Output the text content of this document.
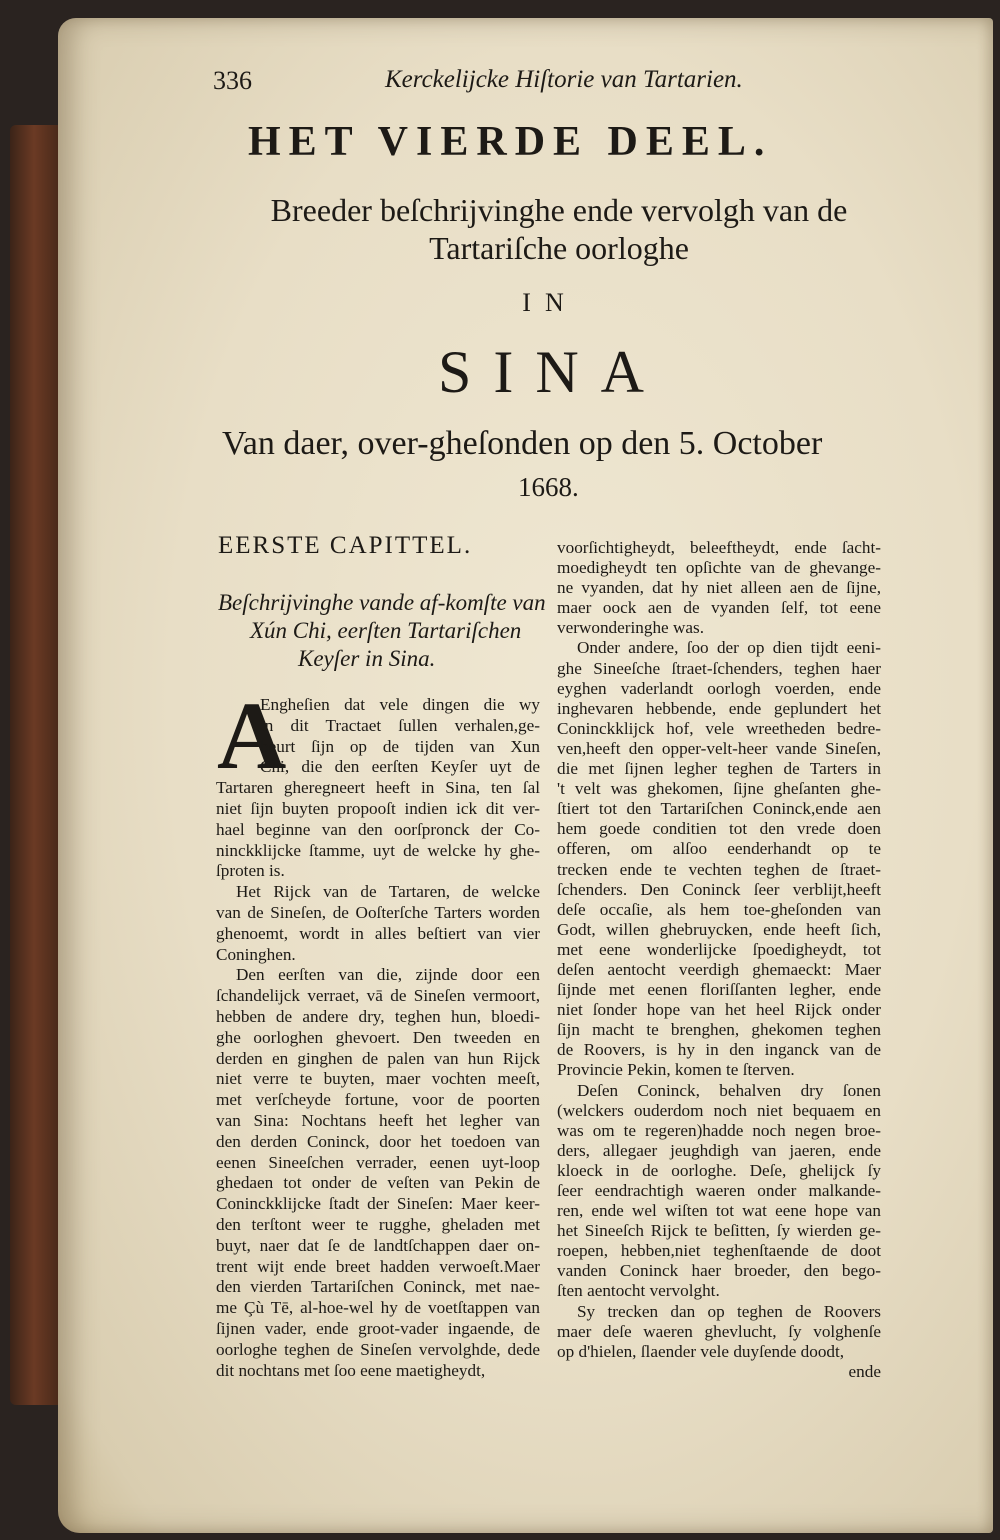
336	Kerckelijcke Hiſtorie van Tartarien.
HET VIERDE DEEL.
Breeder beſchrijvinghe ende vervolgh van de
Tartariſche oorloghe
IN
SINA
Van daer, over-gheſonden op den 5. October
1668.
EERSTE CAPITTEL.
Beſchrijvinghe vande af-komſte van
Xún Chi, eerſten Tartariſchen
Keyſer in Sina.
A
Engheſien dat vele dingen die wy
in dit Tractaet ſullen verhalen,ge-
beurt ſijn op de tijden van Xun
Chi, die den eerſten Keyſer uyt de
Tartaren gheregneert heeft in Sina, ten ſal
niet ſijn buyten propooſt indien ick dit ver-
hael beginne van den oorſpronck der Co-
ninckklijcke ſtamme, uyt de welcke hy ghe-
ſproten is.
Het Rijck van de Tartaren, de welcke
van de Sineſen, de Ooſterſche Tarters worden
ghenoemt, wordt in alles beſtiert van vier
Coninghen.
Den eerſten van die, zijnde door een
ſchandelijck verraet, vā de Sineſen vermoort,
hebben de andere dry, teghen hun, bloedi-
ghe oorloghen ghevoert. Den tweeden en
derden en ginghen de palen van hun Rijck
niet verre te buyten, maer vochten meeſt,
met verſcheyde fortune, voor de poorten
van Sina: Nochtans heeft het legher van
den derden Coninck, door het toedoen van
eenen Sineeſchen verrader, eenen uyt-loop
ghedaen tot onder de veſten van Pekin de
Coninckklijcke ſtadt der Sineſen: Maer keer-
den terſtont weer te rugghe, gheladen met
buyt, naer dat ſe de landtſchappen daer on-
trent wijt ende breet hadden verwoeſt.Maer
den vierden Tartariſchen Coninck, met nae-
me Çù Tē, al-hoe-wel hy de voetſtappen van
ſijnen vader, ende groot-vader ingaende, de
oorloghe teghen de Sineſen vervolghde, dede
dit nochtans met ſoo eene maetigheydt,
voorſichtigheydt, beleeftheydt, ende ſacht-
moedigheydt ten opſichte van de ghevange-
ne vyanden, dat hy niet alleen aen de ſijne,
maer oock aen de vyanden ſelf, tot eene
verwonderinghe was.
Onder andere, ſoo der op dien tijdt eeni-
ghe Sineeſche ſtraet-ſchenders, teghen haer
eyghen vaderlandt oorlogh voerden, ende
inghevaren hebbende, ende geplundert het
Coninckklijck hof, vele wreetheden bedre-
ven,heeft den opper-velt-heer vande Sineſen,
die met ſijnen legher teghen de Tarters in
't velt was ghekomen, ſijne gheſanten ghe-
ſtiert tot den Tartariſchen Coninck,ende aen
hem goede conditien tot den vrede doen
offeren, om alſoo eenderhandt op te
trecken ende te vechten teghen de ſtraet-
ſchenders. Den Coninck ſeer verblijt,heeft
deſe occaſie, als hem toe-gheſonden van
Godt, willen ghebruycken, ende heeft ſich,
met eene wonderlijcke ſpoedigheydt, tot
deſen aentocht veerdigh ghemaeckt: Maer
ſijnde met eenen floriſſanten legher, ende
niet ſonder hope van het heel Rijck onder
ſijn macht te brenghen, ghekomen teghen
de Roovers, is hy in den inganck van de
Provincie Pekin, komen te ſterven.
Deſen Coninck, behalven dry ſonen
(welckers ouderdom noch niet bequaem en
was om te regeren)hadde noch negen broe-
ders, allegaer jeughdigh van jaeren, ende
kloeck in de oorloghe. Deſe, ghelijck ſy
ſeer eendrachtigh waeren onder malkande-
ren, ende wel wiſten tot wat eene hope van
het Sineeſch Rijck te beſitten, ſy wierden ge-
roepen, hebben,niet teghenſtaende de doot
vanden Coninck haer broeder, den bego-
ſten aentocht vervolght.
Sy trecken dan op teghen de Roovers
maer deſe waeren ghevlucht, ſy volghenſe
op d'hielen, ſlaender vele duyſende doodt,
ende
